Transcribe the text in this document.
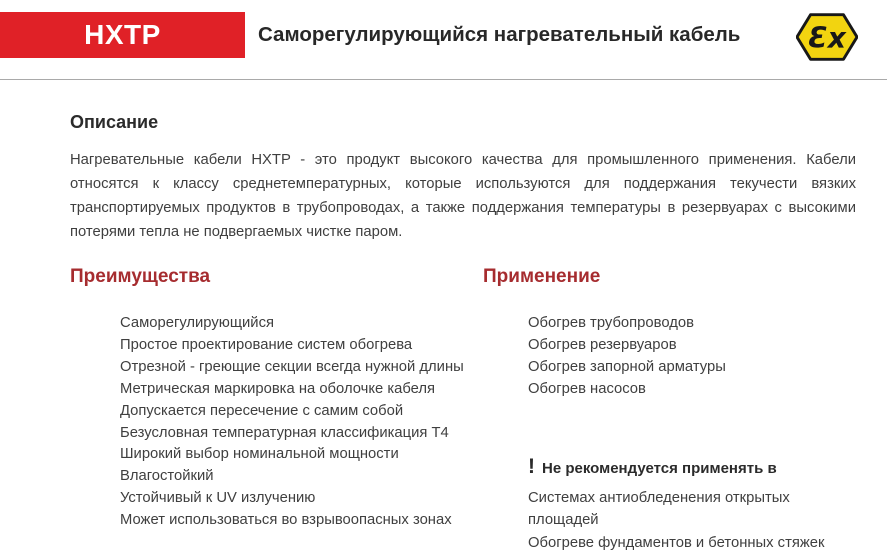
HXTP	Саморегулирующийся нагревательный кабель Ɛx
Описание
Нагревательные кабели HXTP - это продукт высокого качества для промышленного применения. Кабели относятся к классу среднетемпературных, которые используются для поддержания текучести вязких транспортируемых продуктов в трубопроводах, а также поддержания температуры в резервуарах с высокими потерями тепла не подвергаемых чистке паром.
Преимущества
Саморегулирующийся
Простое проектирование систем обогрева
Отрезной - греющие секции всегда нужной длины
Метрическая маркировка на оболочке кабеля
Допускается пересечение с самим собой
Безусловная температурная классификация Т4
Широкий выбор номинальной мощности
Влагостойкий
Устойчивый к UV излучению
Может использоваться во взрывоопасных зонах
Применение
Обогрев трубопроводов
Обогрев резервуаров
Обогрев запорной арматуры
Обогрев насосов
! Не рекомендуется применять в
Системах антиобледенения открытых площадей
Обогреве фундаментов и бетонных стяжек
